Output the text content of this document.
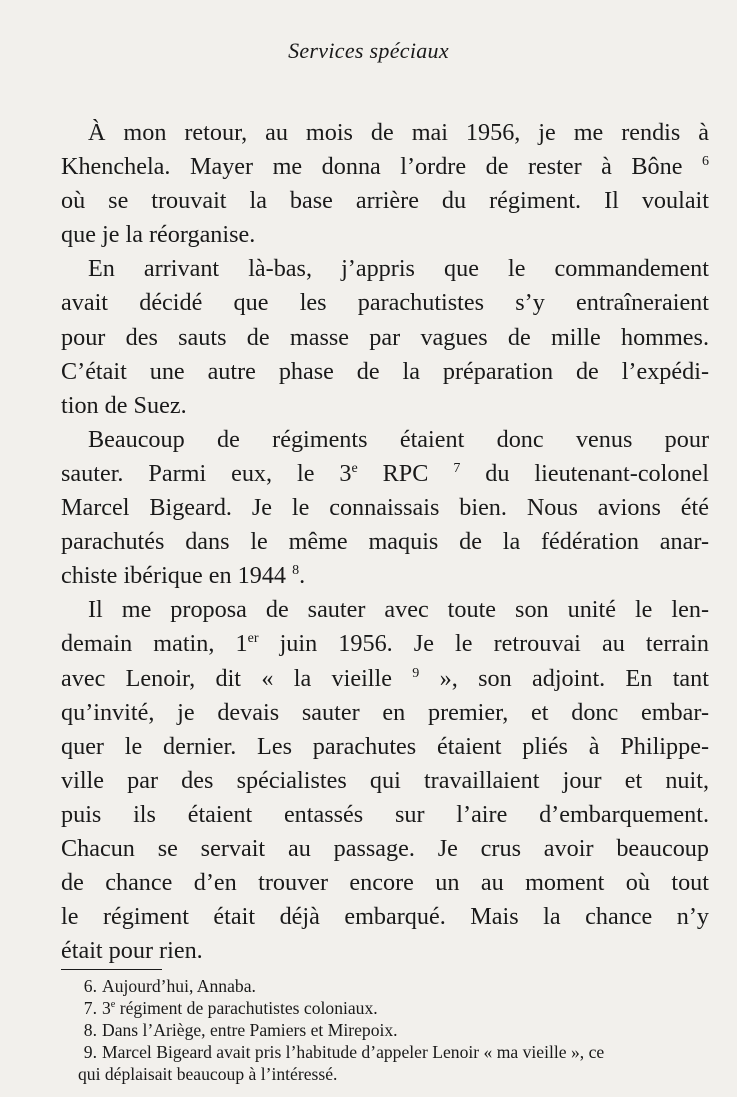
Services spéciaux
À mon retour, au mois de mai 1956, je me rendis à
Khenchela. Mayer me donna l’ordre de rester à Bône $^6$
où se trouvait la base arrière du régiment. Il voulait
que je la réorganise.
En arrivant là-bas, j’appris que le commandement
avait décidé que les parachutistes s’y entraîneraient
pour des sauts de masse par vagues de mille hommes.
C’était une autre phase de la préparation de l’expédi-
tion de Suez.
Beaucoup de régiments étaient donc venus pour
sauter. Parmi eux, le 3e RPC $^7$ du lieutenant-colonel
Marcel Bigeard. Je le connaissais bien. Nous avions été
parachutés dans le même maquis de la fédération anar-
chiste ibérique en 1944 $^8$.
Il me proposa de sauter avec toute son unité le len-
demain matin, 1er juin 1956. Je le retrouvai au terrain
avec Lenoir, dit « la vieille $^9$ », son adjoint. En tant
qu’invité, je devais sauter en premier, et donc embar-
quer le dernier. Les parachutes étaient pliés à Philippe-
ville par des spécialistes qui travaillaient jour et nuit,
puis ils étaient entassés sur l’aire d’embarquement.
Chacun se servait au passage. Je crus avoir beaucoup
de chance d’en trouver encore un au moment où tout
le régiment était déjà embarqué. Mais la chance n’y
était pour rien.
6. Aujourd’hui, Annaba.
7. 3e régiment de parachutistes coloniaux.
8. Dans l’Ariège, entre Pamiers et Mirepoix.
9. Marcel Bigeard avait pris l’habitude d’appeler Lenoir « ma vieille », ce
qui déplaisait beaucoup à l’intéressé.
